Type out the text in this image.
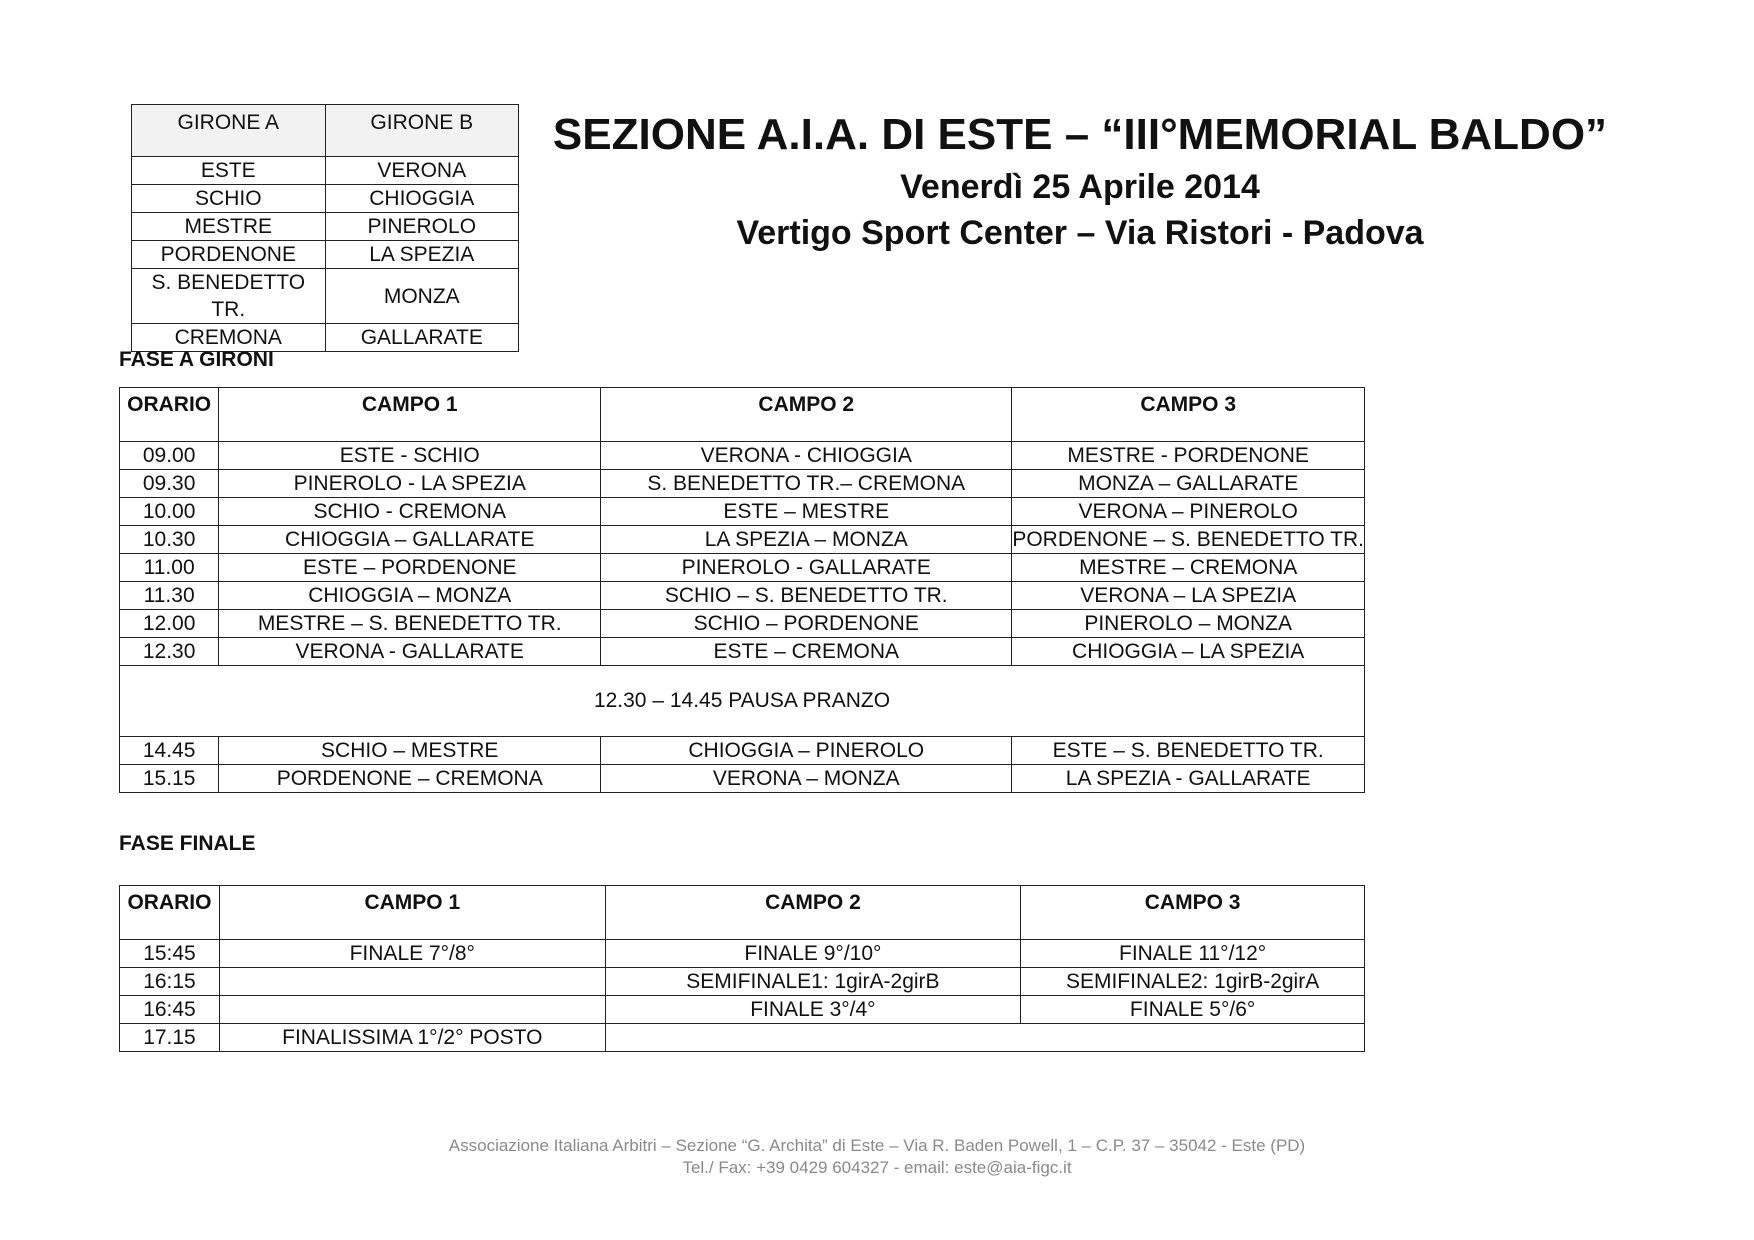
GIRONE A	GIRONE B
ESTE	VERONA
SCHIO	CHIOGGIA
MESTRE	PINEROLO
PORDENONE	LA SPEZIA
S. BENEDETTO TR.	MONZA
CREMONA	GALLARATE
SEZIONE A.I.A. DI ESTE – “III°MEMORIAL BALDO”
Venerdì 25 Aprile 2014
Vertigo Sport Center – Via Ristori - Padova
FASE A GIRONI
ORARIO	CAMPO 1	CAMPO 2	CAMPO 3
09.00	ESTE - SCHIO	VERONA - CHIOGGIA	MESTRE - PORDENONE
09.30	PINEROLO - LA SPEZIA	S. BENEDETTO TR.– CREMONA	MONZA – GALLARATE
10.00	SCHIO - CREMONA	ESTE – MESTRE	VERONA – PINEROLO
10.30	CHIOGGIA – GALLARATE	LA SPEZIA – MONZA	PORDENONE – S. BENEDETTO TR.
11.00	ESTE – PORDENONE	PINEROLO - GALLARATE	MESTRE – CREMONA
11.30	CHIOGGIA – MONZA	SCHIO – S. BENEDETTO TR.	VERONA – LA SPEZIA
12.00	MESTRE – S. BENEDETTO TR.	SCHIO – PORDENONE	PINEROLO – MONZA
12.30	VERONA - GALLARATE	ESTE – CREMONA	CHIOGGIA – LA SPEZIA
12.30 – 14.45 PAUSA PRANZO			
14.45	SCHIO – MESTRE	CHIOGGIA – PINEROLO	ESTE – S. BENEDETTO TR.
15.15	PORDENONE – CREMONA	VERONA – MONZA	LA SPEZIA - GALLARATE
FASE FINALE
ORARIO	CAMPO 1	CAMPO 2	CAMPO 3
15:45	FINALE 7°/8°	FINALE 9°/10°	FINALE 11°/12°
16:15		SEMIFINALE1: 1girA-2girB	SEMIFINALE2: 1girB-2girA
16:45		FINALE 3°/4°	FINALE 5°/6°
17.15	FINALISSIMA 1°/2° POSTO		
Associazione Italiana Arbitri – Sezione “G. Archita” di Este – Via R. Baden Powell, 1 – C.P. 37 – 35042 - Este (PD)
Tel./ Fax: +39 0429 604327 - email: este@aia-figc.it
